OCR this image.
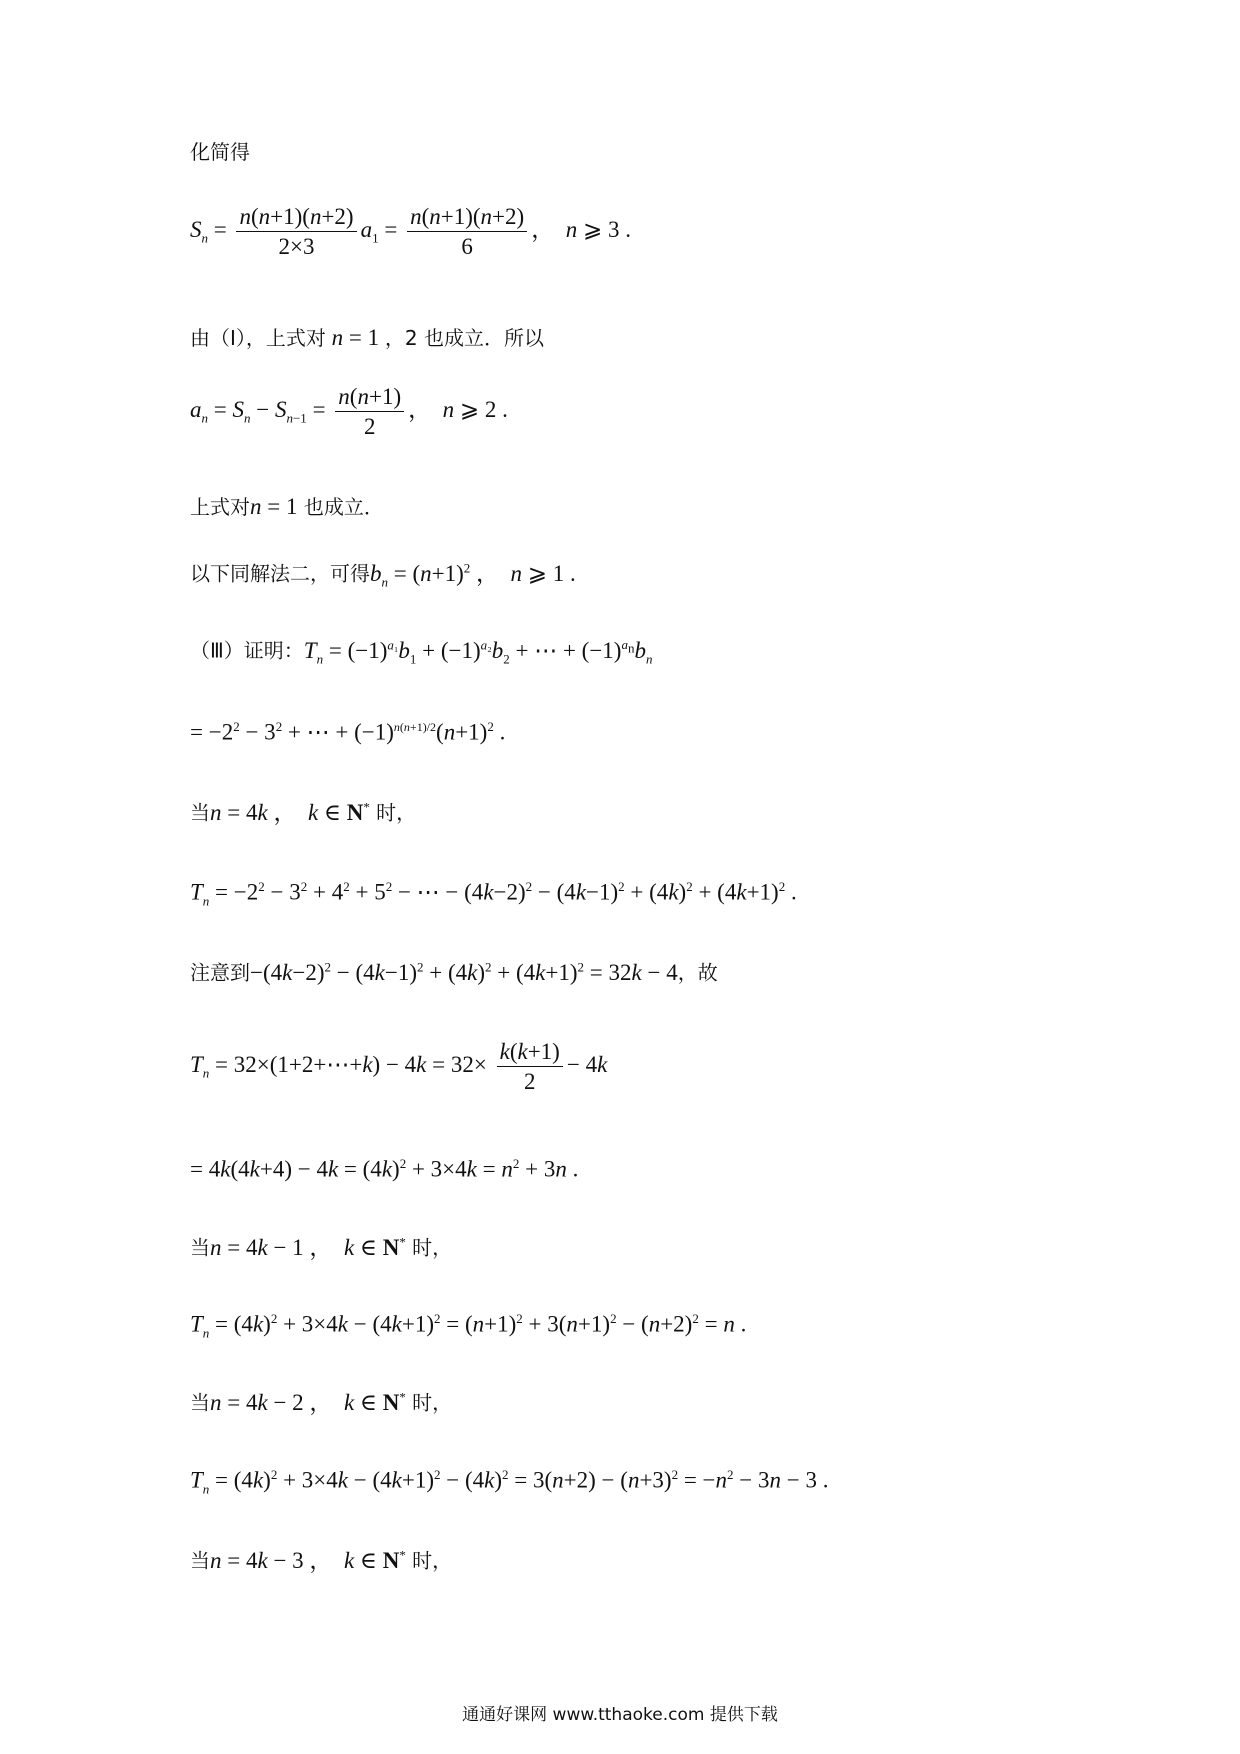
化简得
$S_n = \frac{n(n+1)(n+2)}{2\times 3} a_1 = \frac{n(n+1)(n+2)}{6}$ ，  n ⩾ 3 .
由（Ⅰ），上式对 n = 1 ，2 也成立．所以
$a_n = S_n - S_{n-1} = \frac{n(n+1)}{2}$ ，  n ⩾ 2 .
上式对n = 1 也成立．
以下同解法二，可得$b_n = (n+1)^2$ ，  n ⩾ 1 .
（Ⅲ）证明：$T_n = (-1)^{a_1}b_1 + (-1)^{a_2}b_2$ + ⋯ + $(-1)^{a_n}b_n$
= $-2^2 - 3^2$ + ⋯ + $(-1)^{n(n+1)/2}(n+1)^2$ .
当n = 4k ，  k ∈ N* 时，
$T_n = -2^2 - 3^2 + 4^2 + 5^2$ − ⋯ − $(4k-2)^2 - (4k-1)^2 + (4k)^2 + (4k+1)^2$ .
注意到$-(4k-2)^2 - (4k-1)^2 + (4k)^2 + (4k+1)^2 = 32k - 4$，故
$T_n$ = 32×(1+2+⋯+k) − $4k = 32\times \frac{k(k+1)}{2} - 4k$
= $4k(4k+4) - 4k = (4k)^2 + 3\times 4k = n^2 + 3n$ .
当n = 4k − 1 ，  k ∈ N* 时，
$T_n = (4k)^2 + 3\times 4k - (4k+1)^2 = (n+1)^2 + 3(n+1)^2 - (n+2)^2 = n$ .
当n = 4k − 2 ，  k ∈ N* 时，
$T_n = (4k)^2 + 3\times 4k - (4k+1)^2 - (4k)^2 = 3(n+2) - (n+3)^2 = -n^2 - 3n - 3$ .
当n = 4k − 3 ，  k ∈ N* 时，
通通好课网 www.tthaoke.com 提供下载
